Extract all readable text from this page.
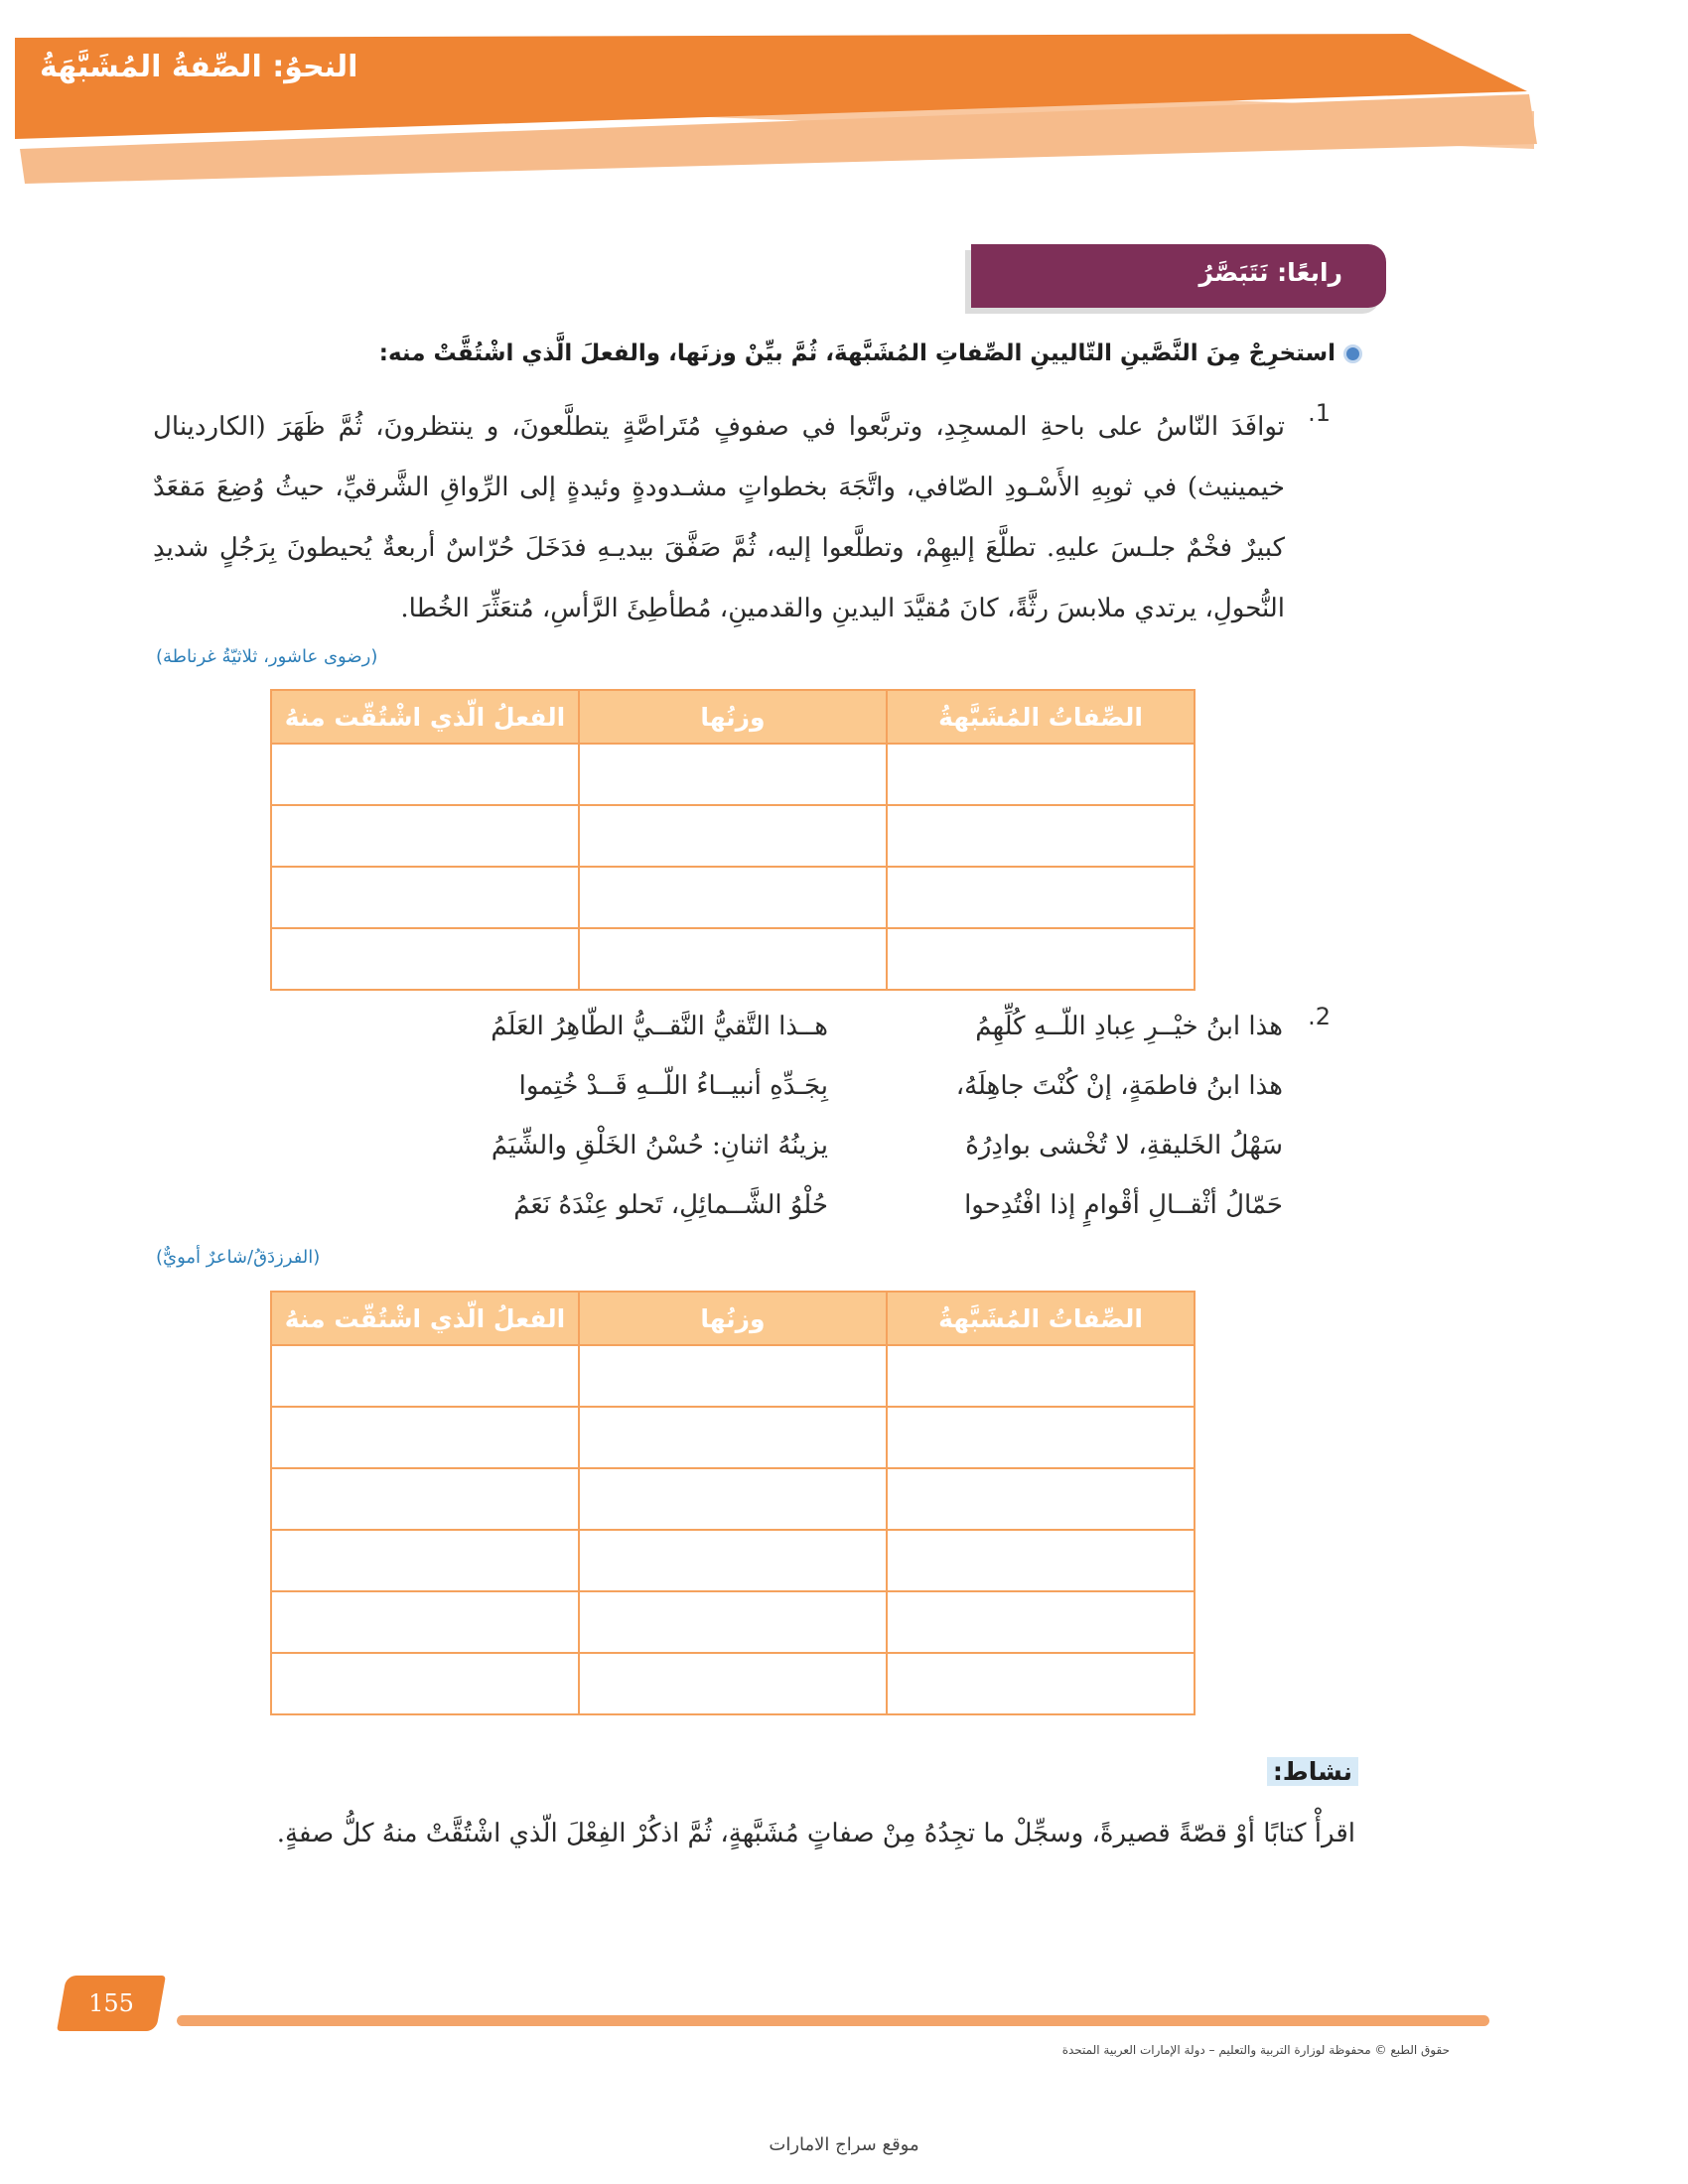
النحوُ: الصِّفةُ المُشَبَّهَةُ
رابعًا: نَتَبَصَّرُ
استخرِجْ مِنَ النَّصَّينِ التّاليينِ الصِّفاتِ المُشَبَّهةَ، ثُمَّ بيِّنْ وزنَها، والفعلَ الَّذي اشْتُقَّتْ منه:
.1
توافَدَ النّاسُ على باحةِ المسجِدِ، وتربَّعوا في صفوفٍ مُتَراصَّةٍ يتطلَّعونَ، و ينتظرونَ، ثُمَّ ظَهَرَ (الكاردينال خيمينيث) في ثوبِهِ الأَسْـودِ الصّافي، واتَّجَهَ بخطواتٍ مشـدودةٍ وئيدةٍ إلى الرِّواقِ الشَّرقيِّ، حيثُ وُضِعَ مَقعَدٌ كبيرٌ فخْمٌ جلـسَ عليهِ. تطلَّعَ إليهِمْ، وتطلَّعوا إليه، ثُمَّ صَفَّقَ بيديـهِ فدَخَلَ حُرّاسٌ أربعةٌ يُحيطونَ بِرَجُلٍ شديدِ النُّحولِ، يرتدي ملابسَ رثَّةً، كانَ مُقيَّدَ اليدينِ والقدمينِ، مُطأطِئَ الرَّأسِ، مُتعَثِّرَ الخُطا.
(رضوى عاشور، ثلاثيّةُ غرناطة)
الصِّفاتُ المُشَبَّهةُ	وزنُها	الفعلُ الّذي اشْتُقّت منهُ

.2
هذا ابنُ خيْــرِ عِبادِ اللّــهِ كُلِّهِمُ
هذا ابنُ فاطمَةٍ، إنْ كُنْتَ جاهِلَهُ،
سَهْلُ الخَليقةِ، لا تُخْشى بوادِرُهُ
حَمّالُ أثْقــالِ أقْوامٍ إذا افْتُدِحوا
هــذا التَّقيُّ النَّقــيُّ الطّاهِرُ العَلَمُ
بِجَـدِّهِ أنبيــاءُ اللّــهِ قَــدْ خُتِموا
يزينُهُ اثنانِ: حُسْنُ الخَلْقِ والشِّيَمُ
حُلْوُ الشَّــمائِلِ، تَحلو عِنْدَهُ نَعَمُ
(الفرزدَقُ/شاعرٌ أمويٌّ)
الصِّفاتُ المُشَبَّهةُ	وزنُها	الفعلُ الّذي اشْتُقّت منهُ

نشاط:
اقرأْ كتابًا أوْ قصّةً قصيرةً، وسجِّلْ ما تجِدُهُ مِنْ صفاتٍ مُشَبَّهةٍ، ثُمَّ اذكُرْ الفِعْلَ الّذي اشْتُقَّتْ منهُ كلُّ صفةٍ.
155
حقوق الطبع © محفوظة لوزارة التربية والتعليم – دولة الإمارات العربية المتحدة
موقع سراج الامارات
